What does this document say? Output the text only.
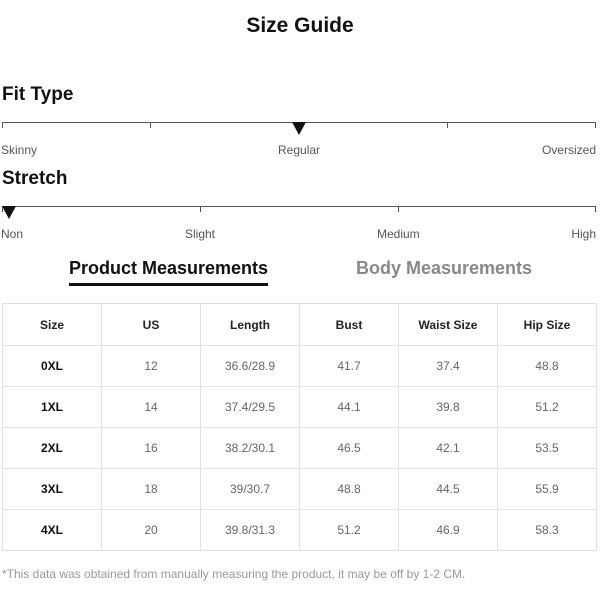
Size Guide
Fit Type
Skinny	Regular	Oversized
Stretch
Non	Slight	Medium	High
Product Measurements	Body Measurements
Size	US	Length	Bust	Waist Size	Hip Size
0XL	12	36.6/28.9	41.7	37.4	48.8
1XL	14	37.4/29.5	44.1	39.8	51.2
2XL	16	38.2/30.1	46.5	42.1	53.5
3XL	18	39/30.7	48.8	44.5	55.9
4XL	20	39.8/31.3	51.2	46.9	58.3
*This data was obtained from manually measuring the product, it may be off by 1-2 CM.
